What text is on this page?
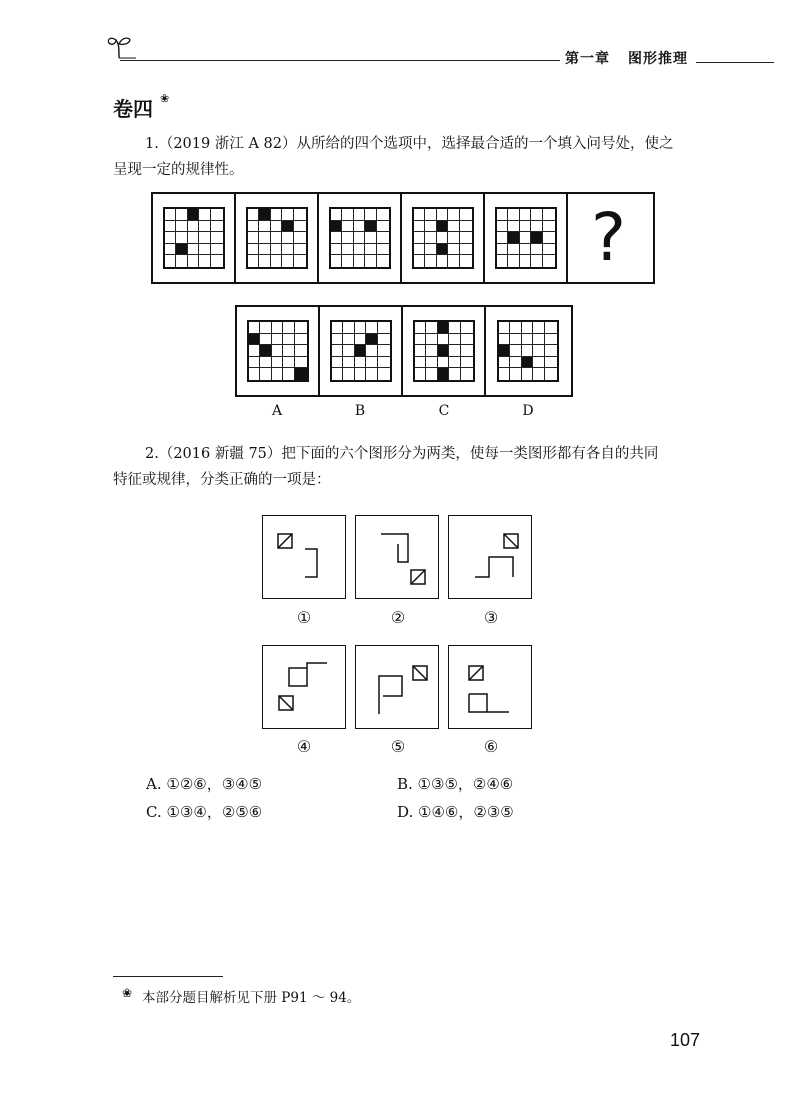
第一章 图形推理
卷四 ❀
1.（2019 浙江 A 82）从所给的四个选项中，选择最合适的一个填入问号处，使之
呈现一定的规律性。
?
A	B	C	D
2.（2016 新疆 75）把下面的六个图形分为两类，使每一类图形都有各自的共同
特征或规律，分类正确的一项是：
①	②	③
④	⑤	⑥
A. ①②⑥，③④⑤	B. ①③⑤，②④⑥
C. ①③④，②⑤⑥	D. ①④⑥，②③⑤
❀ 本部分题目解析见下册 P91 ～ 94。
107
